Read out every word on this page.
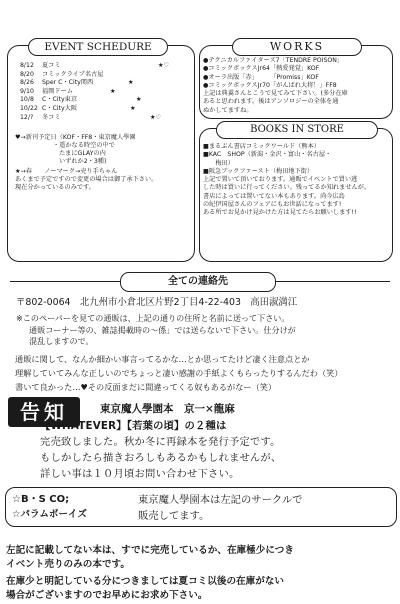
EVENT SCHEDURE
8/12 夏コミ	★♡
8/20 コミックライブ名古屋
8/26 Sper C・City関西	★
9/10 福岡ドーム	★
10/8 C・City東京	★
10/22 C・City大阪	★
12/? 冬コミ	★♡
♥→新刊予定日（KOF・FF8・東京魔人學園
・遥かなる時空の中で
たまにGLAYの内
いずれか2・3種)
★→春　　ノーマーク→売り手ちゃん
あくまで予定ですので変更の場合は御了承下さい。
現在分かっているのみです。
WORKS
●テクニカルファイターズ7「TENDRE POISON」
●コミックボックスJr64「熱愛発覚」KOF
●オーラ出版「赤」　　　「Promiss」KOF
●コミックボックスJr70「がんばれ大将！」FF8
上記は典翼さんとこうで見てみて下さい。(多分在庫
あると思われます。後はアンソロジーの全体を通
ぬかしてますね。
BOOKS IN STORE
■まるぶん書店コミックワールド（熊本）
■KAC　SHOP（新潟・金沢・富山・名古屋・
　　梅田）
■阪急ブックファースト（梅田地下街）
上記で置いて頂いております。通販でイベントで買い逃
した時は買いに行ってください。残ってるか知れませんが。
書店によっては置いてない本もあります。尚今広島
の紀伊国屋さんのフェアにもお世話になってます!
ある所でお見かけ見かけた方は見てたらお願いします!!
全ての連絡先
〒802-0064　北九州市小倉北区片野2丁目4-22-403　高田淑満江
※このペーパーを見ての通販は、上記の通りの住所と名前に送って下さい。
通販コーナー等の、雑誌掲載時の〜係」では送らないで下さい。仕分けが
混乱しますので。
通販に関して、なんか細かい事言ってるかな…とか思ってたけど凄く注意点とか
理解していてみんな正しいのでちょっと凄い感謝の手紙よくもらったりするんだわ（笑）
書いて良かった…♥その反面まだに間違ってくる奴もあるがなー（笑）
告知	東京魔人學園本　京一×龍麻
【WHATEVER】【若葉の頃】の２種は
完売致しました。秋か冬に再録本を発行予定です。
もしかしたら描きおろしもあるかもしれませんが、
詳しい事は１０月頃お問い合わせ下さい。
☆B・S CO;
☆パラムボーイズ
東京魔人學園本は左記のサークルで
販売してます。
左記に記載してない本は、すでに完売しているか、在庫極少につき
イベント売りのみの本です。
在庫少と明記している分につきましては夏コミ以後の在庫がない
場合がございますのでお早めにお求め下さい。
